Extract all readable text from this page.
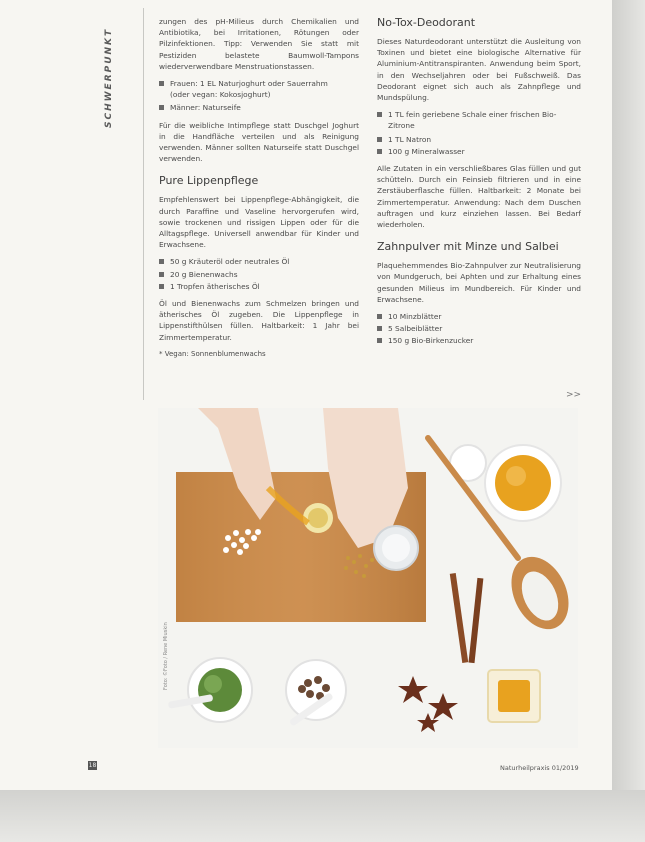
SCHWERPUNKT

zungen des pH-Milieus durch Chemikalien und Antibiotika, bei Irritationen, Rötungen oder Pilzinfektionen. Tipp: Verwenden Sie statt mit Pestiziden belastete Baumwoll-Tampons wiederverwendbare Menstruationstassen.

Frauen: 1 EL Naturjoghurt oder Sauerrahm
(oder vegan: Kokosjoghurt)
Männer: Naturseife

Für die weibliche Intimpflege statt Duschgel Joghurt in die Handfläche verteilen und als Reinigung verwenden. Männer sollten Naturseife statt Duschgel verwenden.

Pure Lippenpflege

Empfehlenswert bei Lippenpflege-Abhängigkeit, die durch Paraffine und Vaseline hervorgerufen wird, sowie trockenen und rissigen Lippen oder für die Alltagspflege. Universell anwendbar für Kinder und Erwachsene.

50 g Kräuteröl oder neutrales Öl
20 g Bienenwachs
1 Tropfen ätherisches Öl

Öl und Bienenwachs zum Schmelzen bringen und ätherisches Öl zugeben. Die Lippenpflege in Lippenstifthülsen füllen. Haltbarkeit: 1 Jahr bei Zimmertemperatur.

* Vegan: Sonnenblumenwachs

No-Tox-Deodorant

Dieses Naturdeodorant unterstützt die Ausleitung von Toxinen und bietet eine biologische Alternative für Aluminium-Antitranspiranten. Anwendung beim Sport, in den Wechseljahren oder bei Fußschweiß. Das Deodorant eignet sich auch als Zahnpflege und Mundspülung.

1 TL fein geriebene Schale einer frischen Bio-
Zitrone
1 TL Natron
100 g Mineralwasser

Alle Zutaten in ein verschließbares Glas füllen und gut schütteln. Durch ein Feinsieb filtrieren und in eine Zerstäuberflasche füllen. Haltbarkeit: 2 Monate bei Zimmertemperatur. Anwendung: Nach dem Duschen auftragen und kurz einziehen lassen. Bei Bedarf wiederholen.

Zahnpulver mit Minze und Salbei

Plaquehemmendes Bio-Zahnpulver zur Neutralisierung von Mundgeruch, bei Aphten und zur Erhaltung eines gesunden Milieus im Mundbereich. Für Kinder und Erwachsene.

10 Minzblätter
5 Salbeiblätter
150 g Bio-Birkenzucker
>>
Foto: ©Foto / Rene Miuskin
18	Naturheilpraxis 01/2019
